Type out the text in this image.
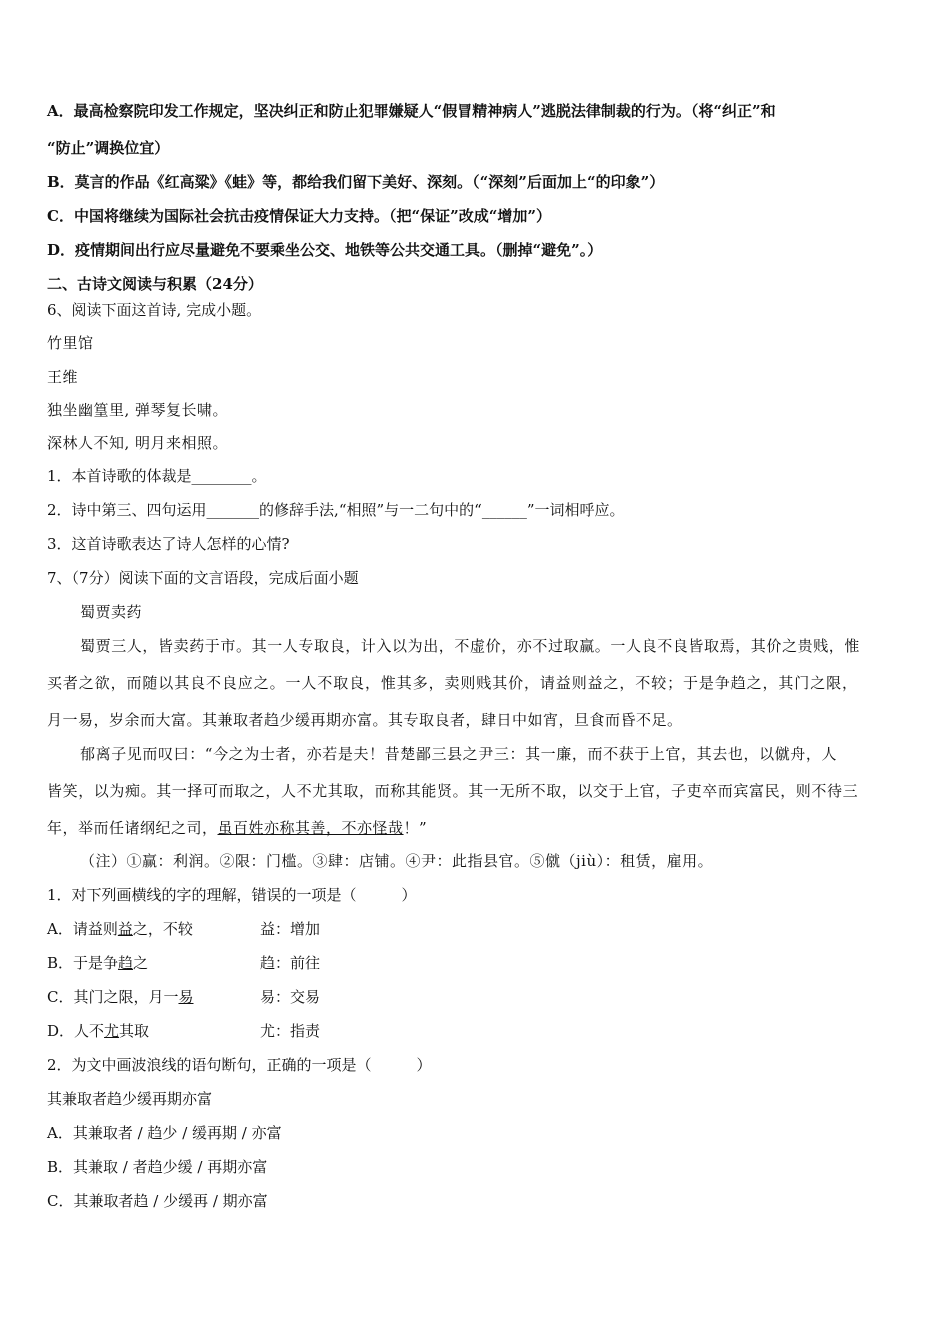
A．最高检察院印发工作规定，坚决纠正和防止犯罪嫌疑人“假冒精神病人”逃脱法律制裁的行为。（将“纠正”和
“防止”调换位宜）
B．莫言的作品《红高粱》《蛙》等，都给我们留下美好、深刻。（“深刻”后面加上“的印象”）
C．中国将继续为国际社会抗击疫情保证大力支持。（把“保证”改成“增加”）
D．疫情期间出行应尽量避免不要乘坐公交、地铁等公共交通工具。（删掉“避免”。）
二、古诗文阅读与积累（24分）
6、阅读下面这首诗, 完成小题。
竹里馆
王维
独坐幽篁里, 弹琴复长啸。
深林人不知, 明月来相照。
1．本首诗歌的体裁是________。
2．诗中第三、四句运用_______的修辞手法,“相照”与一二句中的“______”一词相呼应。
3．这首诗歌表达了诗人怎样的心情?
7、（7分）阅读下面的文言语段，完成后面小题
蜀贾卖药
蜀贾三人，皆卖药于市。其一人专取良，计入以为出，不虚价，亦不过取赢。一人良不良皆取焉，其价之贵贱，惟
买者之欲，而随以其良不良应之。一人不取良，惟其多，卖则贱其价，请益则益之，不较；于是争趋之，其门之限，
月一易，岁余而大富。其兼取者趋少缓再期亦富。其专取良者，肆日中如宵，旦食而昏不足。
郁离子见而叹曰：“今之为士者，亦若是夫！昔楚鄙三县之尹三：其一廉，而不获于上官，其去也，以僦舟，人
皆笑，以为痴。其一择可而取之，人不尤其取，而称其能贤。其一无所不取，以交于上官，子吏卒而宾富民，则不待三
年，举而任诸纲纪之司，虽百姓亦称其善，不亦怪哉！”
（注）①赢：利润。②限：门槛。③肆：店铺。④尹：此指县官。⑤僦（jiù）：租赁，雇用。
1．对下列画横线的字的理解，错误的一项是（　　　）
A．请益则益之，不较	益：增加
B．于是争趋之	趋：前往
C．其门之限，月一易	易：交易
D．人不尤其取	尤：指责
2．为文中画波浪线的语句断句，正确的一项是（　　　）
其兼取者趋少缓再期亦富
A．其兼取者 / 趋少 / 缓再期 / 亦富
B．其兼取 / 者趋少缓 / 再期亦富
C．其兼取者趋 / 少缓再 / 期亦富
